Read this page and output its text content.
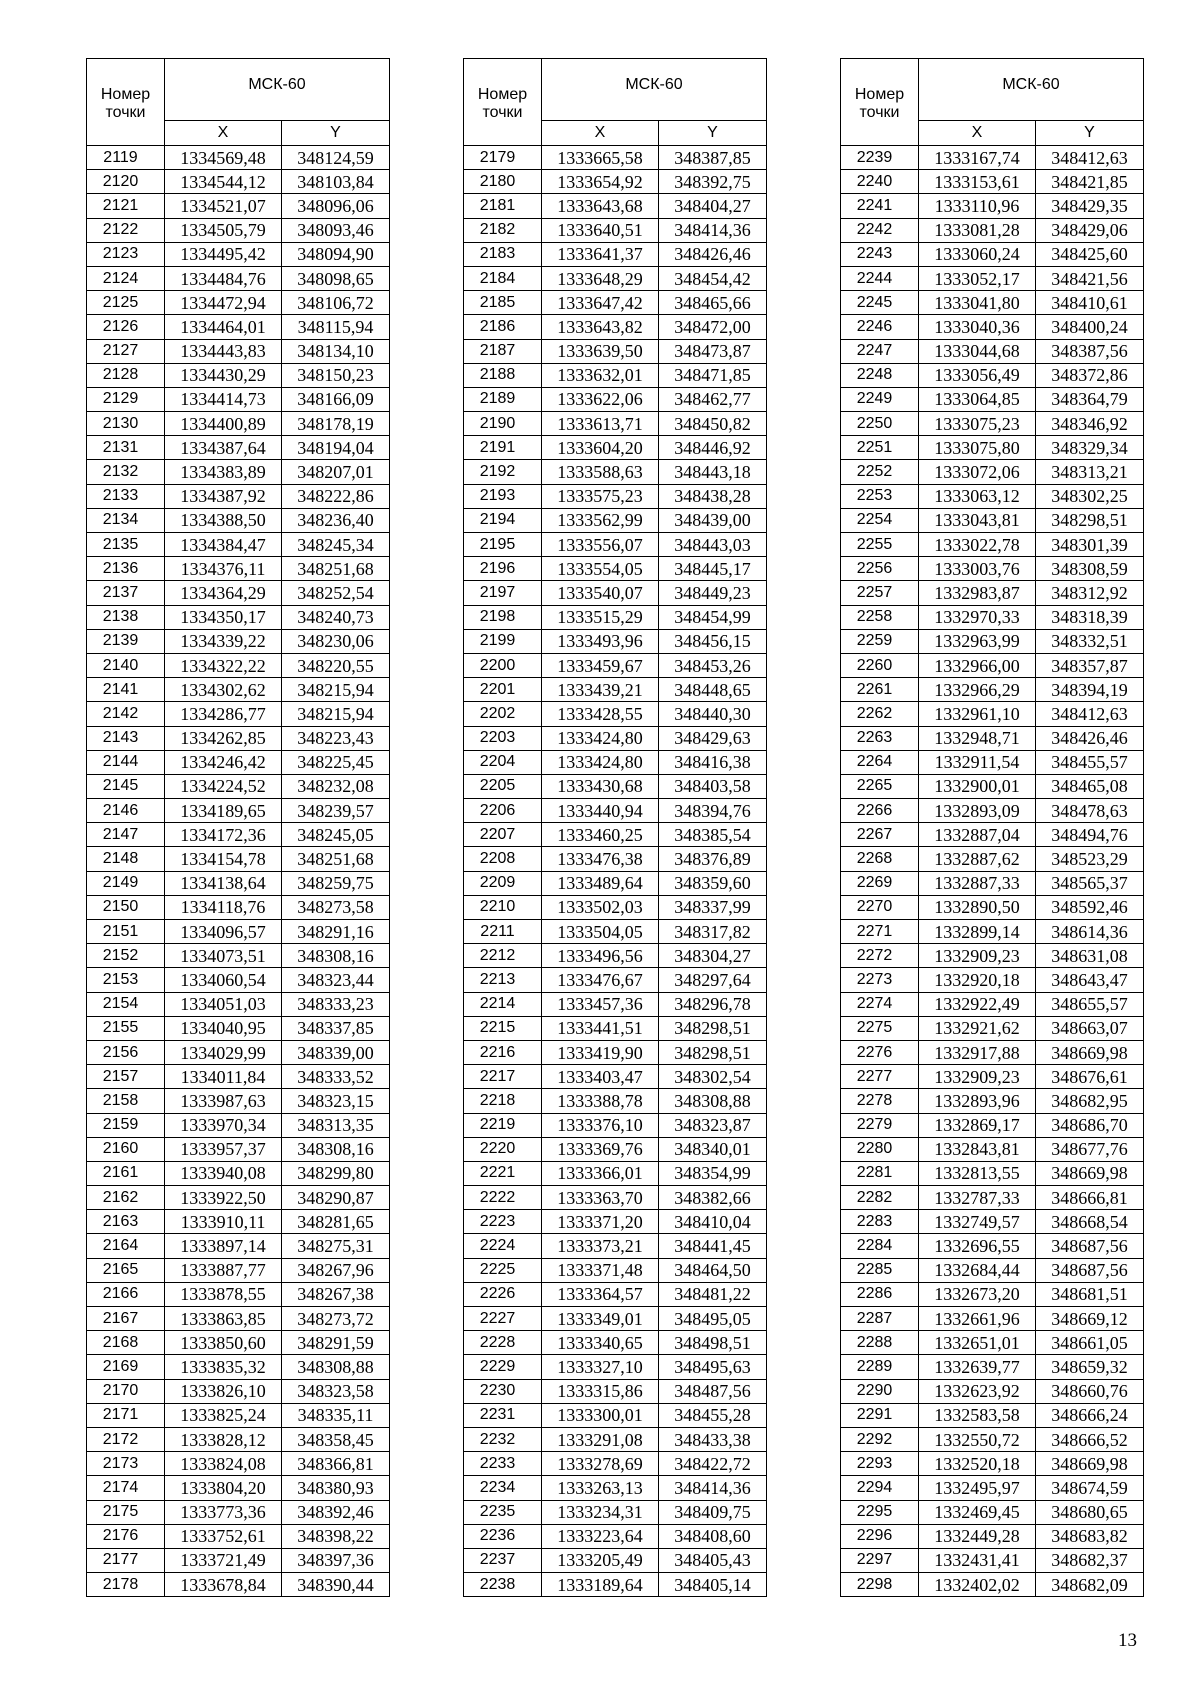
Номер точки	МСК-60	
	X	Y
2119	1334569,48	348124,59
2120	1334544,12	348103,84
2121	1334521,07	348096,06
2122	1334505,79	348093,46
2123	1334495,42	348094,90
2124	1334484,76	348098,65
2125	1334472,94	348106,72
2126	1334464,01	348115,94
2127	1334443,83	348134,10
2128	1334430,29	348150,23
2129	1334414,73	348166,09
2130	1334400,89	348178,19
2131	1334387,64	348194,04
2132	1334383,89	348207,01
2133	1334387,92	348222,86
2134	1334388,50	348236,40
2135	1334384,47	348245,34
2136	1334376,11	348251,68
2137	1334364,29	348252,54
2138	1334350,17	348240,73
2139	1334339,22	348230,06
2140	1334322,22	348220,55
2141	1334302,62	348215,94
2142	1334286,77	348215,94
2143	1334262,85	348223,43
2144	1334246,42	348225,45
2145	1334224,52	348232,08
2146	1334189,65	348239,57
2147	1334172,36	348245,05
2148	1334154,78	348251,68
2149	1334138,64	348259,75
2150	1334118,76	348273,58
2151	1334096,57	348291,16
2152	1334073,51	348308,16
2153	1334060,54	348323,44
2154	1334051,03	348333,23
2155	1334040,95	348337,85
2156	1334029,99	348339,00
2157	1334011,84	348333,52
2158	1333987,63	348323,15
2159	1333970,34	348313,35
2160	1333957,37	348308,16
2161	1333940,08	348299,80
2162	1333922,50	348290,87
2163	1333910,11	348281,65
2164	1333897,14	348275,31
2165	1333887,77	348267,96
2166	1333878,55	348267,38
2167	1333863,85	348273,72
2168	1333850,60	348291,59
2169	1333835,32	348308,88
2170	1333826,10	348323,58
2171	1333825,24	348335,11
2172	1333828,12	348358,45
2173	1333824,08	348366,81
2174	1333804,20	348380,93
2175	1333773,36	348392,46
2176	1333752,61	348398,22
2177	1333721,49	348397,36
2178	1333678,84	348390,44
Номер точки	МСК-60	
	X	Y
2179	1333665,58	348387,85
2180	1333654,92	348392,75
2181	1333643,68	348404,27
2182	1333640,51	348414,36
2183	1333641,37	348426,46
2184	1333648,29	348454,42
2185	1333647,42	348465,66
2186	1333643,82	348472,00
2187	1333639,50	348473,87
2188	1333632,01	348471,85
2189	1333622,06	348462,77
2190	1333613,71	348450,82
2191	1333604,20	348446,92
2192	1333588,63	348443,18
2193	1333575,23	348438,28
2194	1333562,99	348439,00
2195	1333556,07	348443,03
2196	1333554,05	348445,17
2197	1333540,07	348449,23
2198	1333515,29	348454,99
2199	1333493,96	348456,15
2200	1333459,67	348453,26
2201	1333439,21	348448,65
2202	1333428,55	348440,30
2203	1333424,80	348429,63
2204	1333424,80	348416,38
2205	1333430,68	348403,58
2206	1333440,94	348394,76
2207	1333460,25	348385,54
2208	1333476,38	348376,89
2209	1333489,64	348359,60
2210	1333502,03	348337,99
2211	1333504,05	348317,82
2212	1333496,56	348304,27
2213	1333476,67	348297,64
2214	1333457,36	348296,78
2215	1333441,51	348298,51
2216	1333419,90	348298,51
2217	1333403,47	348302,54
2218	1333388,78	348308,88
2219	1333376,10	348323,87
2220	1333369,76	348340,01
2221	1333366,01	348354,99
2222	1333363,70	348382,66
2223	1333371,20	348410,04
2224	1333373,21	348441,45
2225	1333371,48	348464,50
2226	1333364,57	348481,22
2227	1333349,01	348495,05
2228	1333340,65	348498,51
2229	1333327,10	348495,63
2230	1333315,86	348487,56
2231	1333300,01	348455,28
2232	1333291,08	348433,38
2233	1333278,69	348422,72
2234	1333263,13	348414,36
2235	1333234,31	348409,75
2236	1333223,64	348408,60
2237	1333205,49	348405,43
2238	1333189,64	348405,14
Номер точки	МСК-60	
	X	Y
2239	1333167,74	348412,63
2240	1333153,61	348421,85
2241	1333110,96	348429,35
2242	1333081,28	348429,06
2243	1333060,24	348425,60
2244	1333052,17	348421,56
2245	1333041,80	348410,61
2246	1333040,36	348400,24
2247	1333044,68	348387,56
2248	1333056,49	348372,86
2249	1333064,85	348364,79
2250	1333075,23	348346,92
2251	1333075,80	348329,34
2252	1333072,06	348313,21
2253	1333063,12	348302,25
2254	1333043,81	348298,51
2255	1333022,78	348301,39
2256	1333003,76	348308,59
2257	1332983,87	348312,92
2258	1332970,33	348318,39
2259	1332963,99	348332,51
2260	1332966,00	348357,87
2261	1332966,29	348394,19
2262	1332961,10	348412,63
2263	1332948,71	348426,46
2264	1332911,54	348455,57
2265	1332900,01	348465,08
2266	1332893,09	348478,63
2267	1332887,04	348494,76
2268	1332887,62	348523,29
2269	1332887,33	348565,37
2270	1332890,50	348592,46
2271	1332899,14	348614,36
2272	1332909,23	348631,08
2273	1332920,18	348643,47
2274	1332922,49	348655,57
2275	1332921,62	348663,07
2276	1332917,88	348669,98
2277	1332909,23	348676,61
2278	1332893,96	348682,95
2279	1332869,17	348686,70
2280	1332843,81	348677,76
2281	1332813,55	348669,98
2282	1332787,33	348666,81
2283	1332749,57	348668,54
2284	1332696,55	348687,56
2285	1332684,44	348687,56
2286	1332673,20	348681,51
2287	1332661,96	348669,12
2288	1332651,01	348661,05
2289	1332639,77	348659,32
2290	1332623,92	348660,76
2291	1332583,58	348666,24
2292	1332550,72	348666,52
2293	1332520,18	348669,98
2294	1332495,97	348674,59
2295	1332469,45	348680,65
2296	1332449,28	348683,82
2297	1332431,41	348682,37
2298	1332402,02	348682,09
13
